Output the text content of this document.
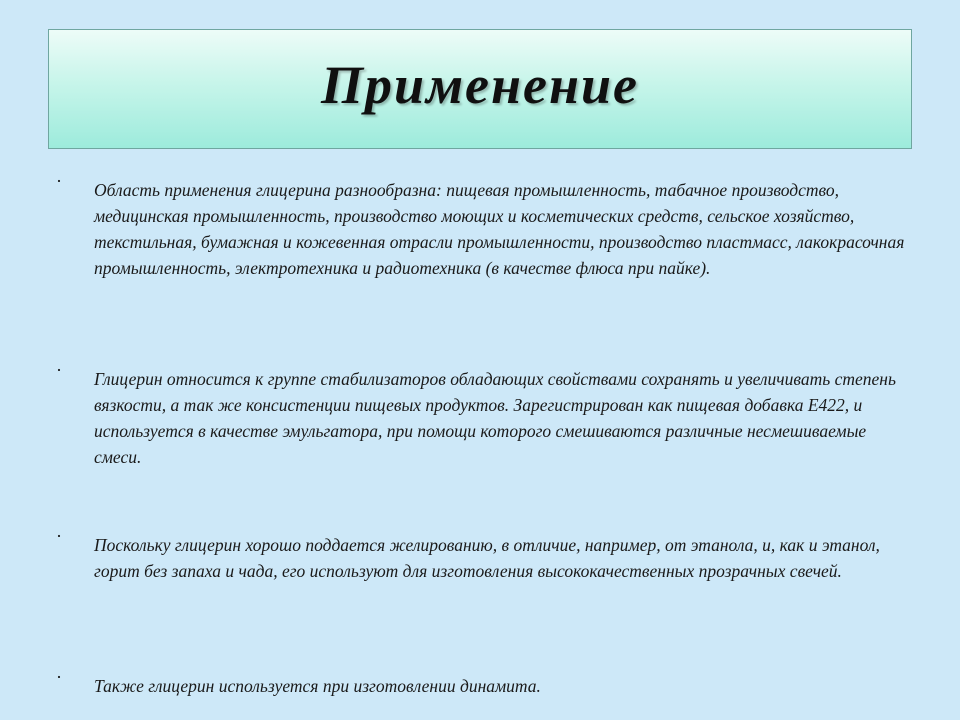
Применение
· Область применения глицерина разнообразна: пищевая промышленность, табачное производство, медицинская промышленность, производство моющих и косметических средств, сельское хозяйство, текстильная, бумажная и кожевенная отрасли промышленности, производство пластмасс, лакокрасочная промышленность, электротехника и радиотехника (в качестве флюса при пайке).

· Глицерин относится к группе стабилизаторов обладающих свойствами сохранять и увеличивать степень вязкости, а так же консистенции пищевых продуктов. Зарегистрирован как пищевая добавка E422, и используется в качестве эмульгатора, при помощи которого смешиваются различные несмешиваемые смеси.

· Поскольку глицерин хорошо поддается желированию, в отличие, например, от этанола, и, как и этанол, горит без запаха и чада, его используют для изготовления высококачественных прозрачных свечей.

· Также глицерин используется при изготовлении динамита.
